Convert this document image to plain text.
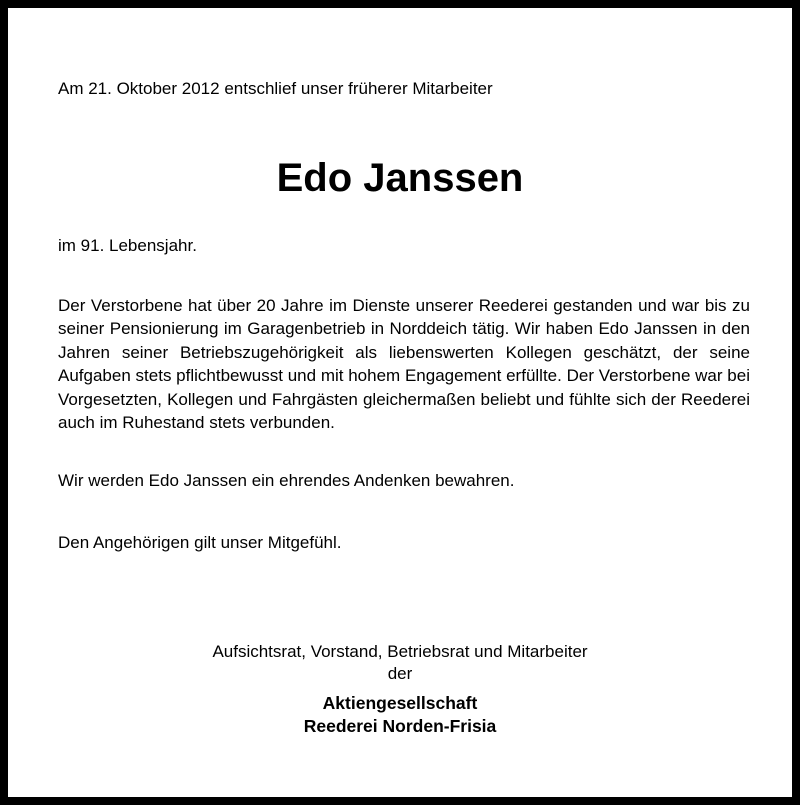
Am 21. Oktober 2012 entschlief unser früherer Mitarbeiter
Edo Janssen
im 91. Lebensjahr.

Der Verstorbene hat über 20 Jahre im Dienste unserer Reederei gestanden und war bis zu seiner Pensionierung im Garagenbetrieb in Norddeich tätig. Wir haben Edo Janssen in den Jahren seiner Betriebszugehörigkeit als liebenswerten Kollegen geschätzt, der seine Aufgaben stets pflichtbewusst und mit hohem Engagement erfüllte. Der Verstorbene war bei Vorgesetzten, Kollegen und Fahrgästen gleichermaßen beliebt und fühlte sich der Reederei auch im Ruhestand stets verbunden.

Wir werden Edo Janssen ein ehrendes Andenken bewahren.
Den Angehörigen gilt unser Mitgefühl.
Aufsichtsrat, Vorstand, Betriebsrat und Mitarbeiter
der
Aktiengesellschaft
Reederei Norden-Frisia
